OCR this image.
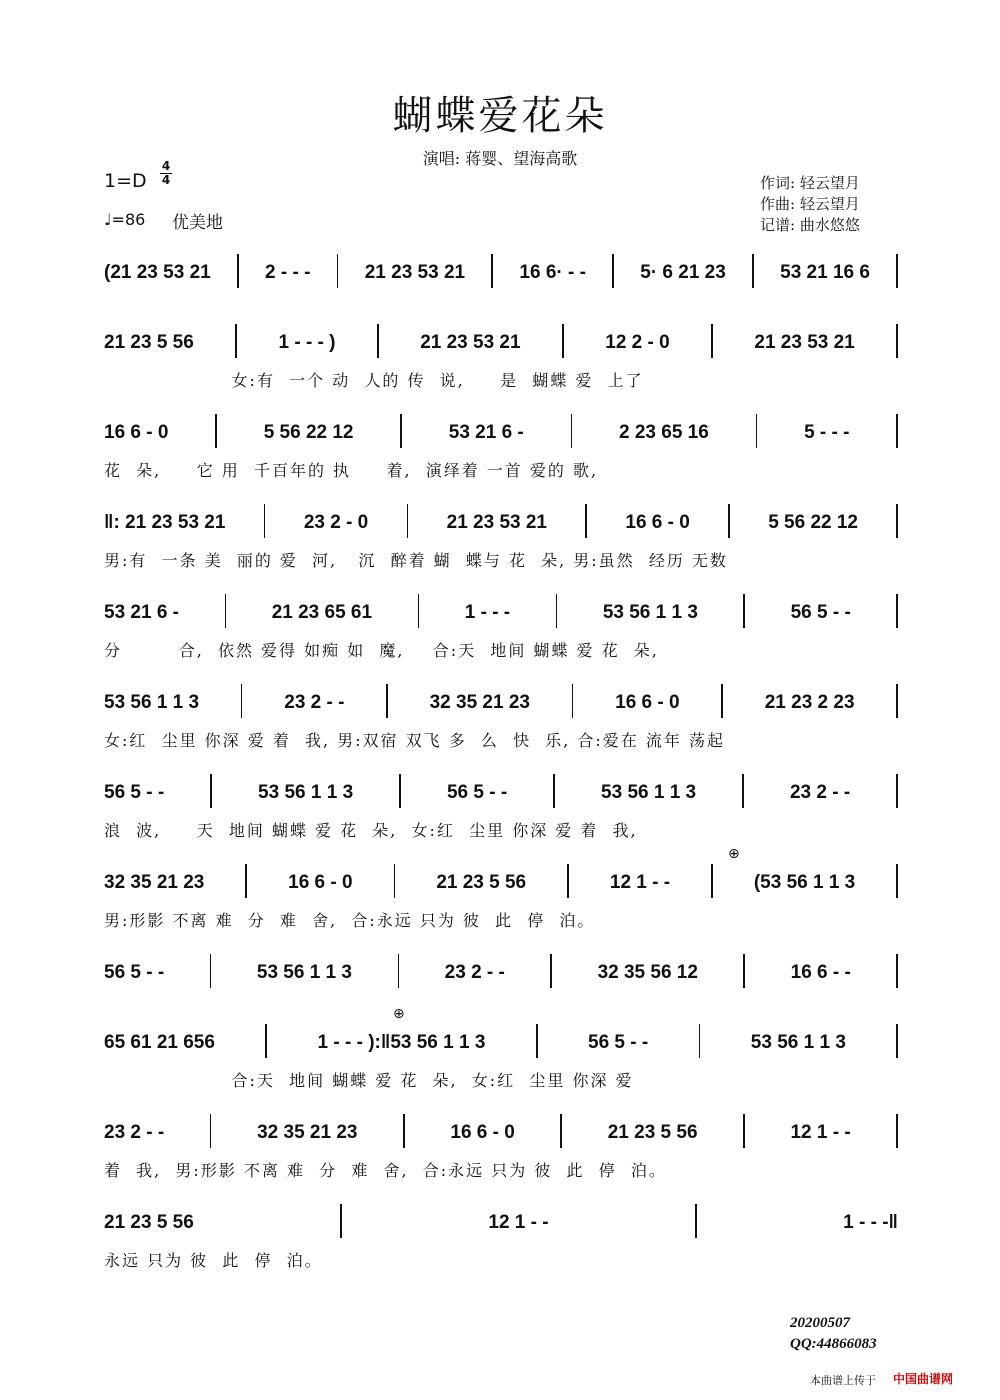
蝴蝶爱花朵
演唱: 蒋婴、望海高歌
1=D
4
4
♩=86 优美地
作词: 轻云望月
作曲: 轻云望月
记谱: 曲水悠悠
(21 23 53 21	2 - - -	21 23 53 21	16 6· - -	5· 6 21 23	53 21 16 6
21 23 5 56	1 - - - )	21 23 53 21	12 2 - 0	21 23 53 21
女:有  一个 动  人的 传  说,     是  蝴蝶 爱  上了
16 6 - 0	5 56 22 12	53 21 6 -	2 23 65 16	5 - - -
花  朵,     它 用  千百年的 执     着,  演绎着 一首 爱的 歌,
‖: 21 23 53 21	23 2 - 0	21 23 53 21	16 6 - 0	5 56 22 12
男:有  一条 美  丽的 爱  河,   沉  醉着 蝴  蝶与 花  朵, 男:虽然  经历 无数
53 21 6 -	21 23 65 61	1 - - -	53 56 1 1 3	56 5 - -
分        合,  依然 爱得 如痴 如  魔,    合:天  地间 蝴蝶 爱 花  朵,
53 56 1 1 3	23 2 - -	32 35 21 23	16 6 - 0	21 23 2 23
女:红  尘里 你深 爱 着  我, 男:双宿 双飞 多  么  快  乐, 合:爱在 流年 荡起
56 5 - -	53 56 1 1 3	56 5 - -	53 56 1 1 3	23 2 - -
浪  波,     天  地间 蝴蝶 爱 花  朵,  女:红  尘里 你深 爱 着  我,
32 35 21 23	16 6 - 0	21 23 5 56	12 1 - -	(53 56 1 1 3
男:形影 不离 难  分  难  舍,  合:永远 只为 彼  此  停  泊。
56 5 - -	53 56 1 1 3	23 2 - -	32 35 56 12	16 6 - -
65 61 21 656	1 - - - ):‖53 56 1 1 3	56 5 - -	53 56 1 1 3
合:天  地间 蝴蝶 爱 花  朵,  女:红  尘里 你深 爱
23 2 - -	32 35 21 23	16 6 - 0	21 23 5 56	12 1 - -
着  我,  男:形影 不离 难  分  难  舍,  合:永远 只为 彼  此  停  泊。
21 23 5 56	12 1 - -	1 - - -‖
永远 只为 彼  此  停  泊。
⊕
⊕
20200507
QQ:44866083
本曲谱上传于 中国曲谱网
